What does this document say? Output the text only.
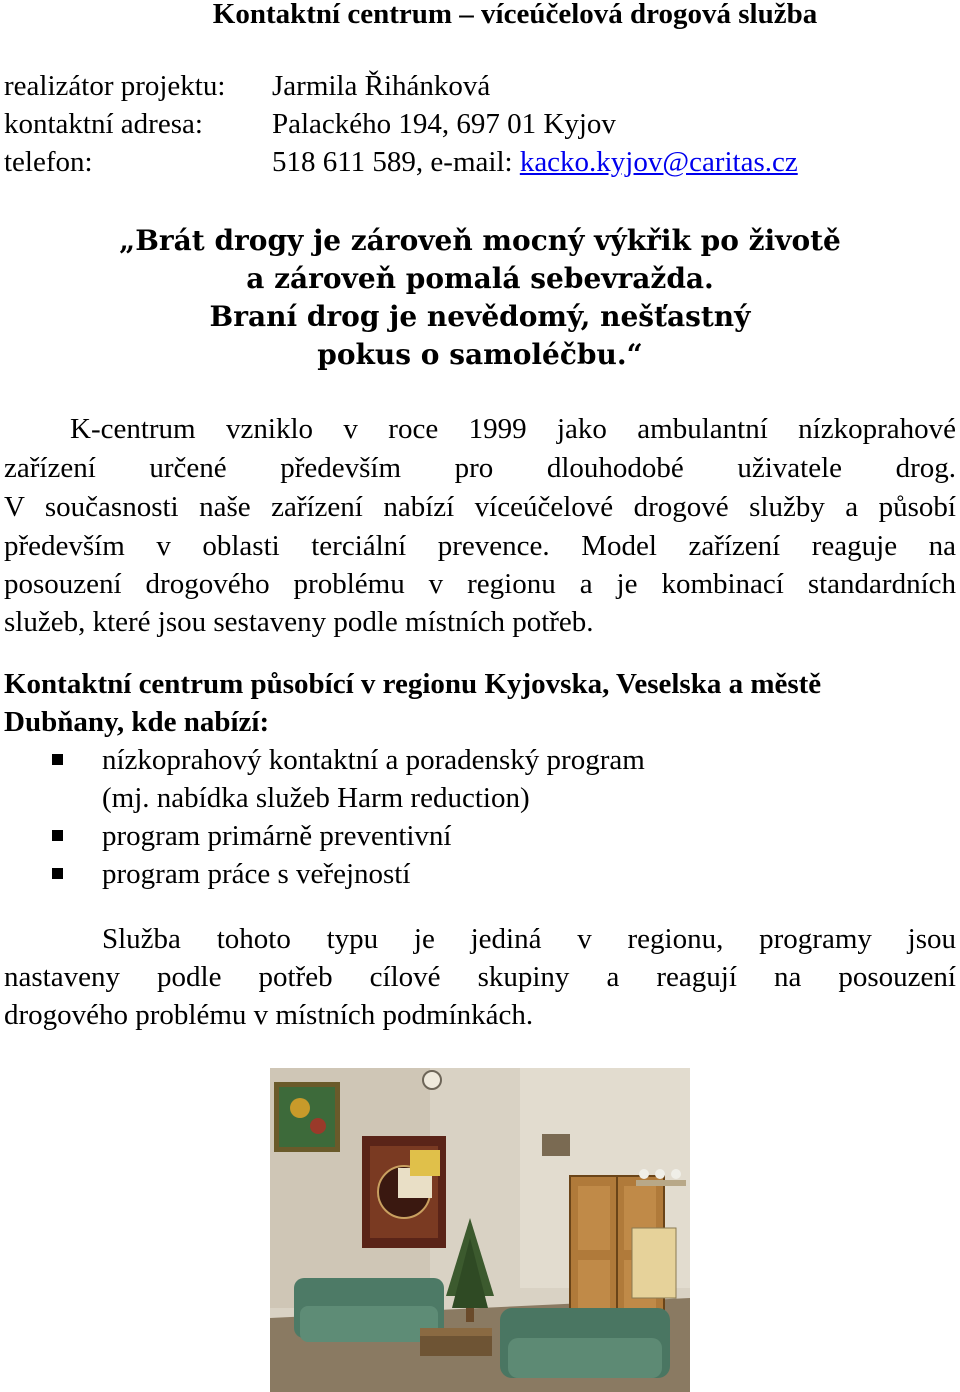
Kontaktní centrum – víceúčelová drogová služba
realizátor projektu: Jarmila Řihánková
kontaktní adresa: Palackého 194, 697 01 Kyjov
telefon:	518 611 589, e-mail: kacko.kyjov@caritas.cz
„Brát drogy je zároveň mocný výkřik po životě
a zároveň pomalá sebevražda.
Braní drog je nevědomý, nešťastný
pokus o samoléčbu.“
K-centrum vzniklo v roce 1999 jako ambulantní nízkoprahové
zařízení určené především pro dlouhodobé uživatele drog.
V současnosti naše zařízení nabízí víceúčelové drogové služby a působí
především v oblasti terciální prevence. Model zařízení reaguje na
posouzení drogového problému v regionu a je kombinací standardních
služeb, které jsou sestaveny podle místních potřeb.
Kontaktní centrum působící v regionu Kyjovska, Veselska a městě
Dubňany, kde nabízí:
nízkoprahový kontaktní a poradenský program
(mj. nabídka služeb Harm reduction)
program primárně preventivní
program práce s veřejností
Služba tohoto typu je jediná v regionu, programy jsou
nastaveny podle potřeb cílové skupiny a reagují na posouzení
drogového problému v místních podmínkách.
